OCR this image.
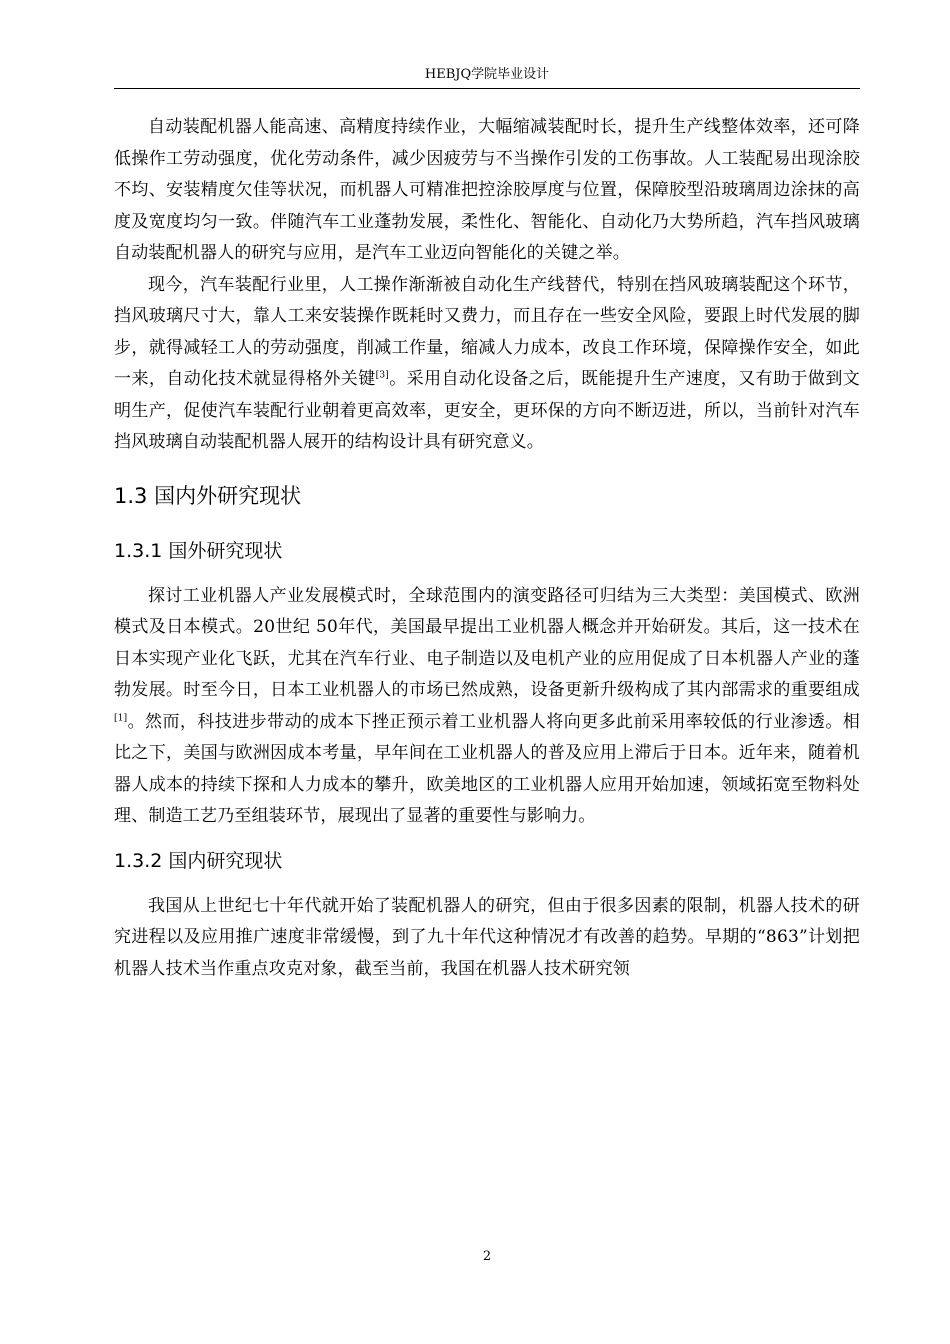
HEBJQ学院毕业设计

自动装配机器人能高速、高精度持续作业，大幅缩减装配时长，提升生产线整体效率，还可降低操作工劳动强度，优化劳动条件，减少因疲劳与不当操作引发的工伤事故。人工装配易出现涂胶不均、安装精度欠佳等状况，而机器人可精准把控涂胶厚度与位置，保障胶型沿玻璃周边涂抹的高度及宽度均匀一致。伴随汽车工业蓬勃发展，柔性化、智能化、自动化乃大势所趋，汽车挡风玻璃自动装配机器人的研究与应用，是汽车工业迈向智能化的关键之举。

现今，汽车装配行业里，人工操作渐渐被自动化生产线替代，特别在挡风玻璃装配这个环节，挡风玻璃尺寸大，靠人工来安装操作既耗时又费力，而且存在一些安全风险，要跟上时代发展的脚步，就得减轻工人的劳动强度，削减工作量，缩减人力成本，改良工作环境，保障操作安全，如此一来，自动化技术就显得格外关键[3]。采用自动化设备之后，既能提升生产速度，又有助于做到文明生产，促使汽车装配行业朝着更高效率，更安全，更环保的方向不断迈进，所以，当前针对汽车挡风玻璃自动装配机器人展开的结构设计具有研究意义。

1.3 国内外研究现状
1.3.1 国外研究现状

探讨工业机器人产业发展模式时，全球范围内的演变路径可归结为三大类型：美国模式、欧洲模式及日本模式。20世纪 50年代，美国最早提出工业机器人概念并开始研发。其后，这一技术在日本实现产业化飞跃，尤其在汽车行业、电子制造以及电机产业的应用促成了日本机器人产业的蓬勃发展。时至今日，日本工业机器人的市场已然成熟，设备更新升级构成了其内部需求的重要组成[1]。然而，科技进步带动的成本下挫正预示着工业机器人将向更多此前采用率较低的行业渗透。相比之下，美国与欧洲因成本考量，早年间在工业机器人的普及应用上滞后于日本。近年来，随着机器人成本的持续下探和人力成本的攀升，欧美地区的工业机器人应用开始加速，领域拓宽至物料处理、制造工艺乃至组装环节，展现出了显著的重要性与影响力。

1.3.2 国内研究现状

我国从上世纪七十年代就开始了装配机器人的研究，但由于很多因素的限制，机器人技术的研究进程以及应用推广速度非常缓慢，到了九十年代这种情况才有改善的趋势。早期的“863”计划把机器人技术当作重点攻克对象，截至当前，我国在机器人技术研究领

2
